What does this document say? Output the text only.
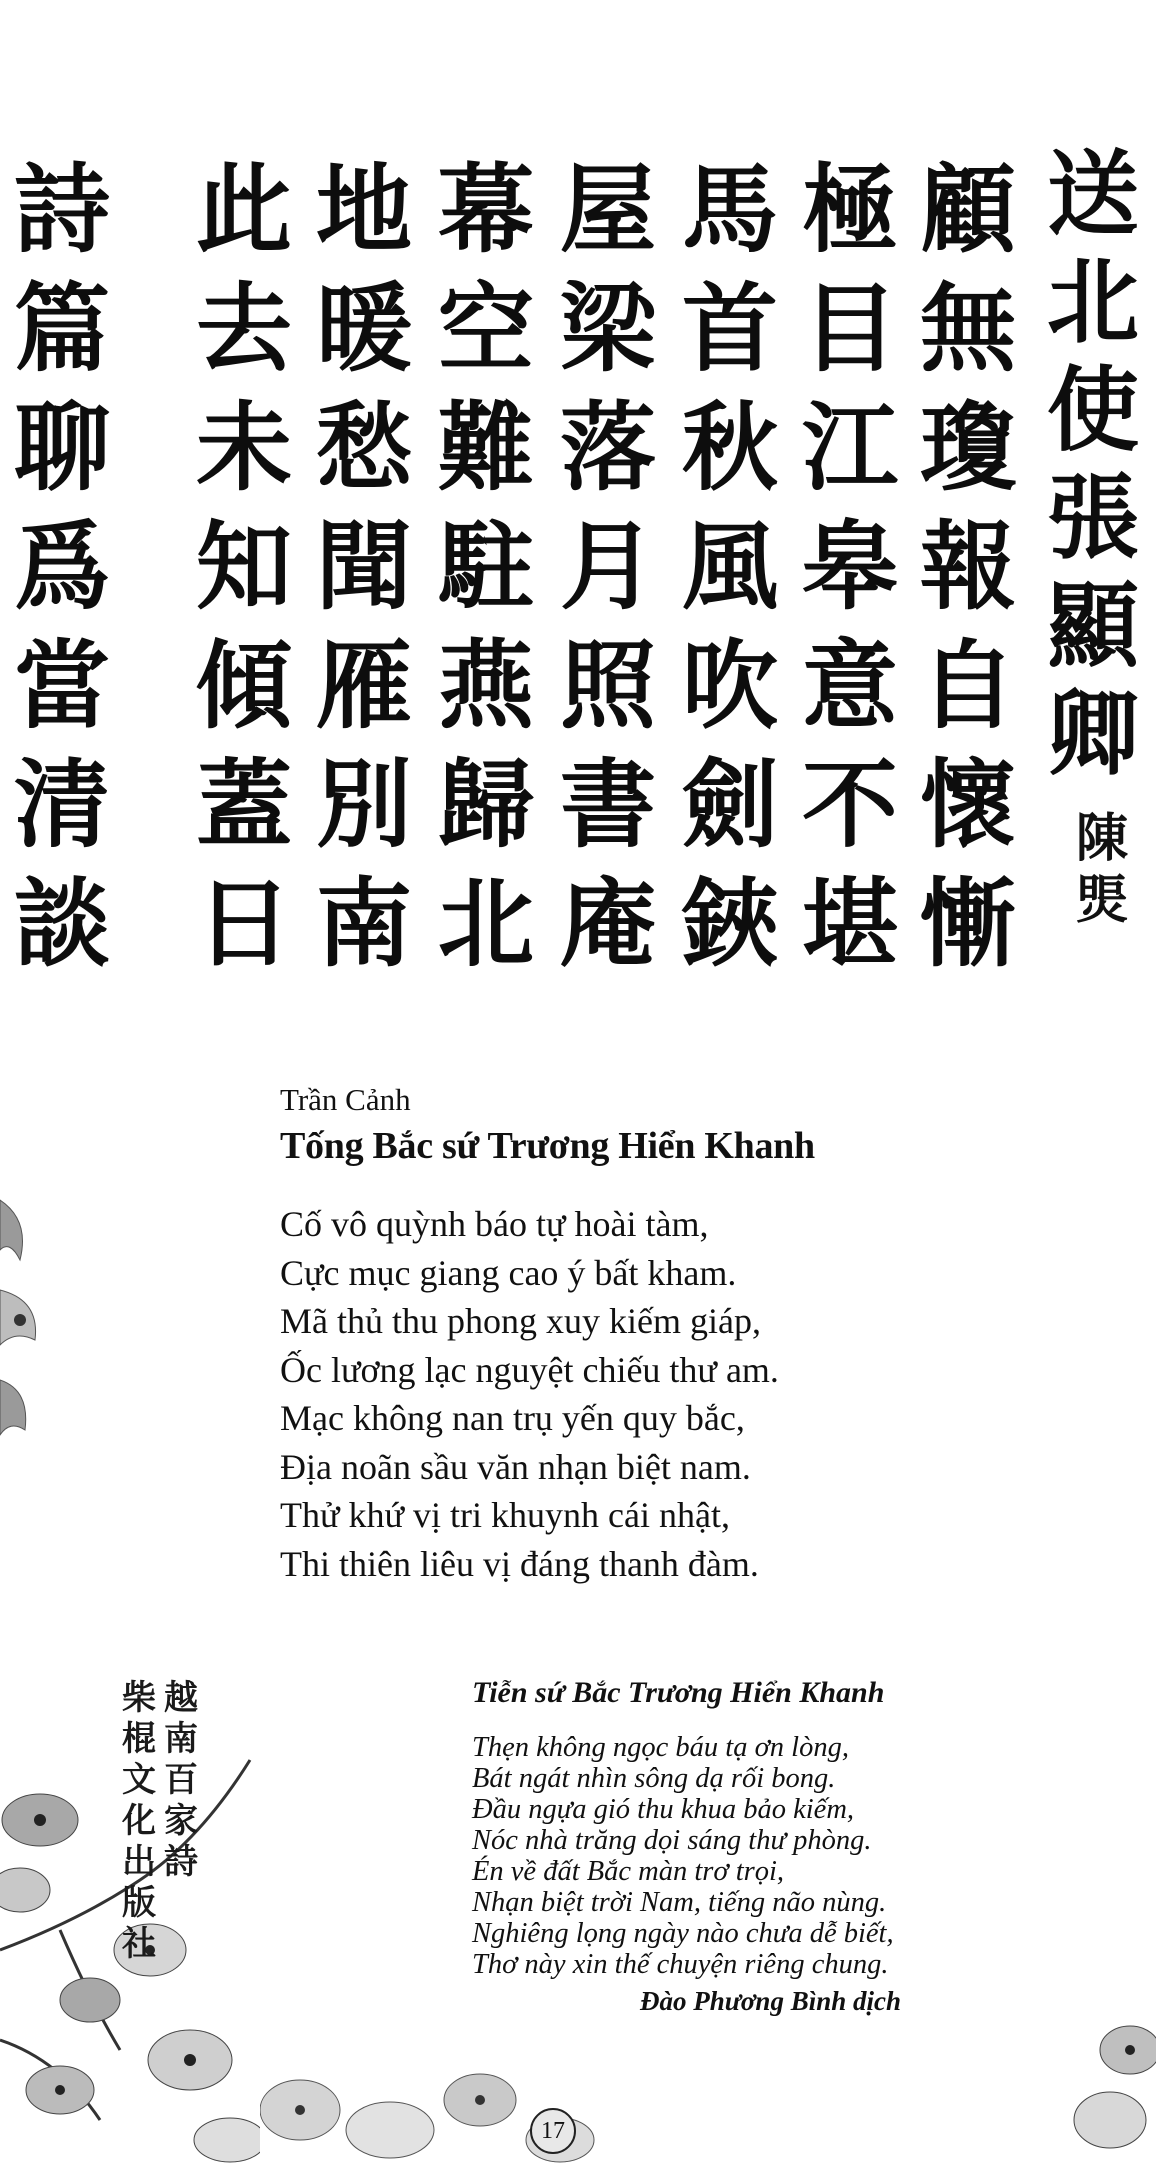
顧
無
瓊
報
自
懷
慚
極
目
江
皋
意
不
堪
馬
首
秋
風
吹
劍
鋏
屋
梁
落
月
照
書
庵
幕
空
難
駐
燕
歸
北
地
暖
愁
聞
雁
別
南
此
去
未
知
傾
蓋
日
詩
篇
聊
爲
當
清
談
送
北
使
張
顯
卿
陳
煚
Trần Cảnh
Tống Bắc sứ Trương Hiển Khanh
Cố vô quỳnh báo tự hoài tàm,
Cực mục giang cao ý bất kham.
Mã thủ thu phong xuy kiếm giáp,
Ốc lương lạc nguyệt chiếu thư am.
Mạc không nan trụ yến quy bắc,
Địa noãn sầu văn nhạn biệt nam.
Thử khứ vị tri khuynh cái nhật,
Thi thiên liêu vị đáng thanh đàm.
越
南
百
家
詩
柴
棍
文
化
出
版
社
Tiễn sứ Bắc Trương Hiển Khanh
Thẹn không ngọc báu tạ ơn lòng,
Bát ngát nhìn sông dạ rối bong.
Đầu ngựa gió thu khua bảo kiếm,
Nóc nhà trăng dọi sáng thư phòng.
Én về đất Bắc màn trơ trọi,
Nhạn biệt trời Nam, tiếng não nùng.
Nghiêng lọng ngày nào chưa dễ biết,
Thơ này xin thế chuyện riêng chung.
Đào Phương Bình dịch
17
